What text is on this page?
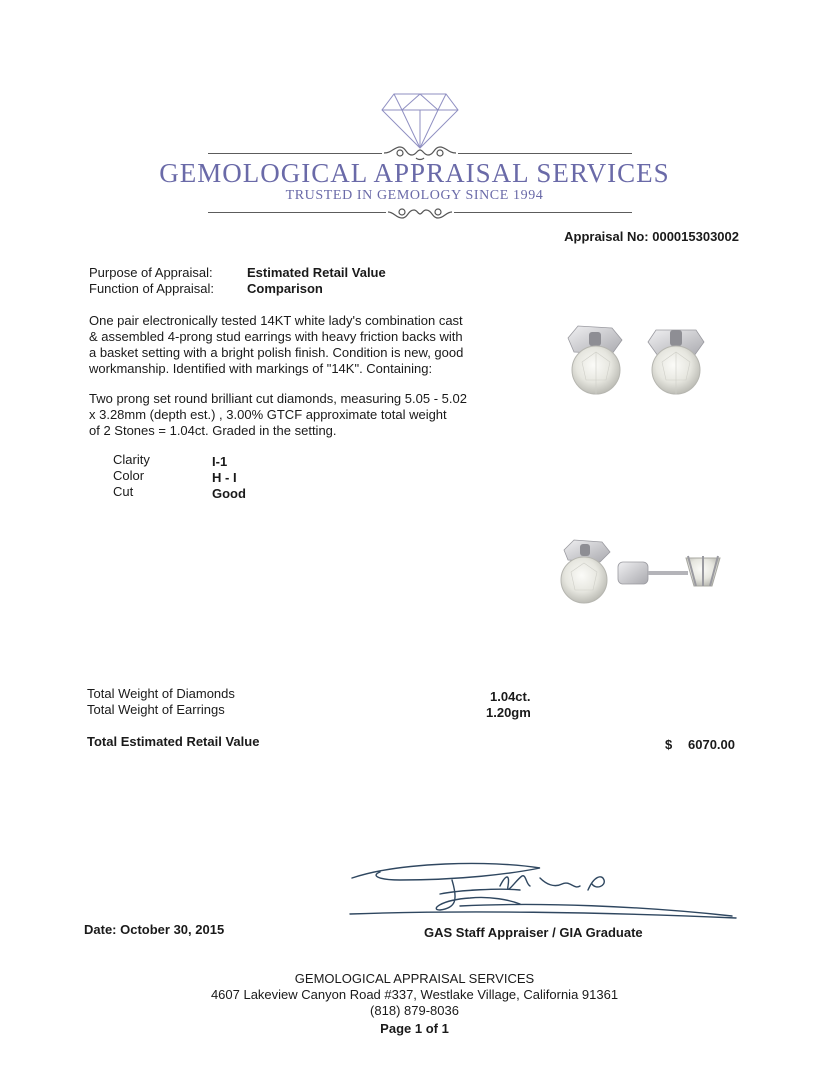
GEMOLOGICAL APPRAISAL SERVICES
TRUSTED IN GEMOLOGY SINCE 1994
Appraisal No: 000015303002
Purpose of Appraisal:	Estimated Retail Value
Function of Appraisal:	Comparison
One pair electronically tested 14KT white lady's combination cast
& assembled 4-prong stud earrings with heavy friction backs with
a basket setting with a bright polish finish. Condition is new, good
workmanship. Identified with markings of "14K". Containing:
Two prong set round brilliant cut diamonds, measuring 5.05 - 5.02
x 3.28mm (depth est.) , 3.00% GTCF approximate total weight
of 2 Stones = 1.04ct. Graded in the setting.
Clarity	I-1
Color	H - I
Cut	Good
Total Weight of Diamonds	1.04ct.
Total Weight of Earrings	1.20gm
Total Estimated Retail Value	$ 6070.00
Date: October 30, 2015	GAS Staff Appraiser / GIA Graduate
GEMOLOGICAL APPRAISAL SERVICES
4607 Lakeview Canyon Road #337, Westlake Village, California 91361
(818) 879-8036
Page 1 of 1
